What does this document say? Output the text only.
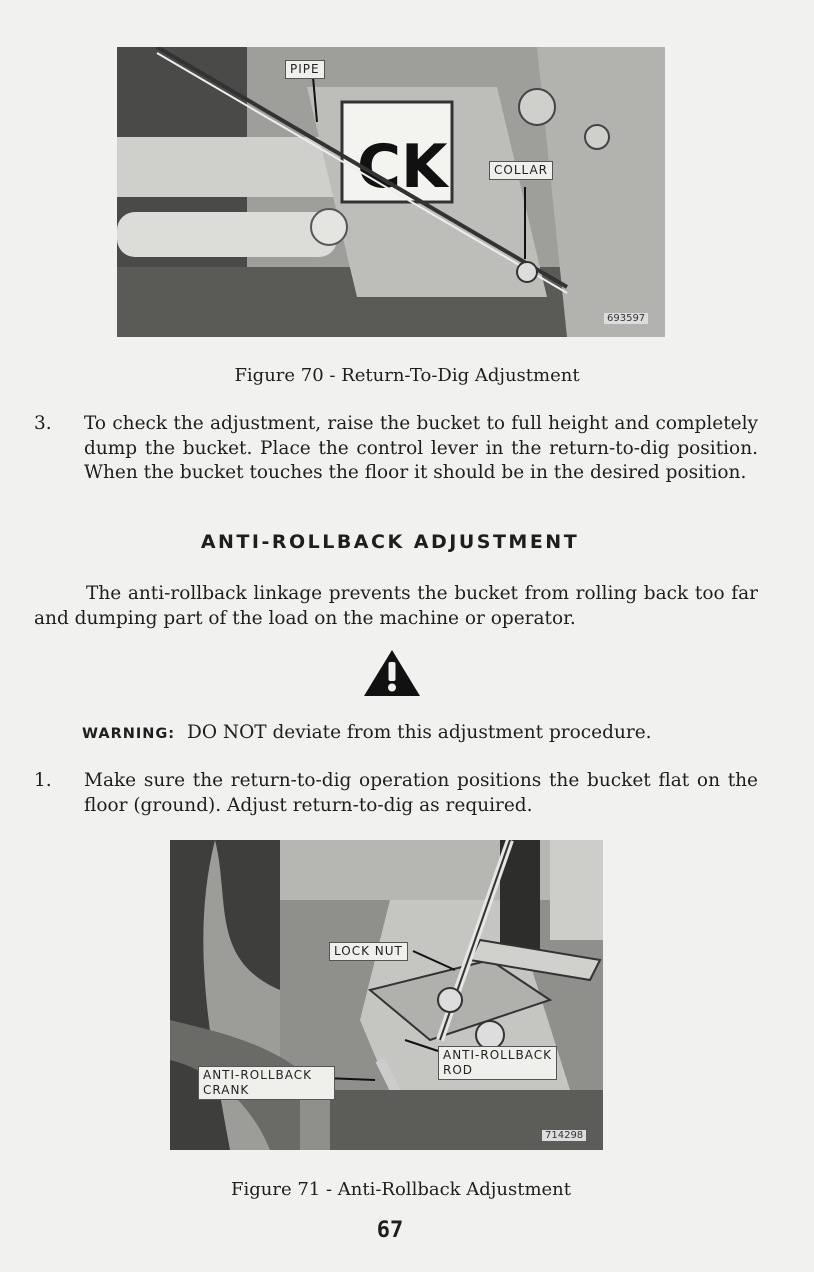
CK
PIPE
COLLAR
693597
Figure 70 - Return-To-Dig Adjustment
3. To check the adjustment, raise the bucket to full height and completely dump the bucket. Place the control lever in the return-to-dig position. When the bucket touches the floor it should be in the desired position.

ANTI-ROLLBACK ADJUSTMENT

The anti-rollback linkage prevents the bucket from rolling back too far and dumping part of the load on the machine or operator.

WARNING: DO NOT deviate from this adjustment procedure.
1. Make sure the return-to-dig operation positions the bucket flat on the floor (ground). Adjust return-to-dig as required.

LOCK NUT
ANTI-ROLLBACK
ROD
ANTI-ROLLBACK
CRANK
714298
Figure 71 - Anti-Rollback Adjustment
67
